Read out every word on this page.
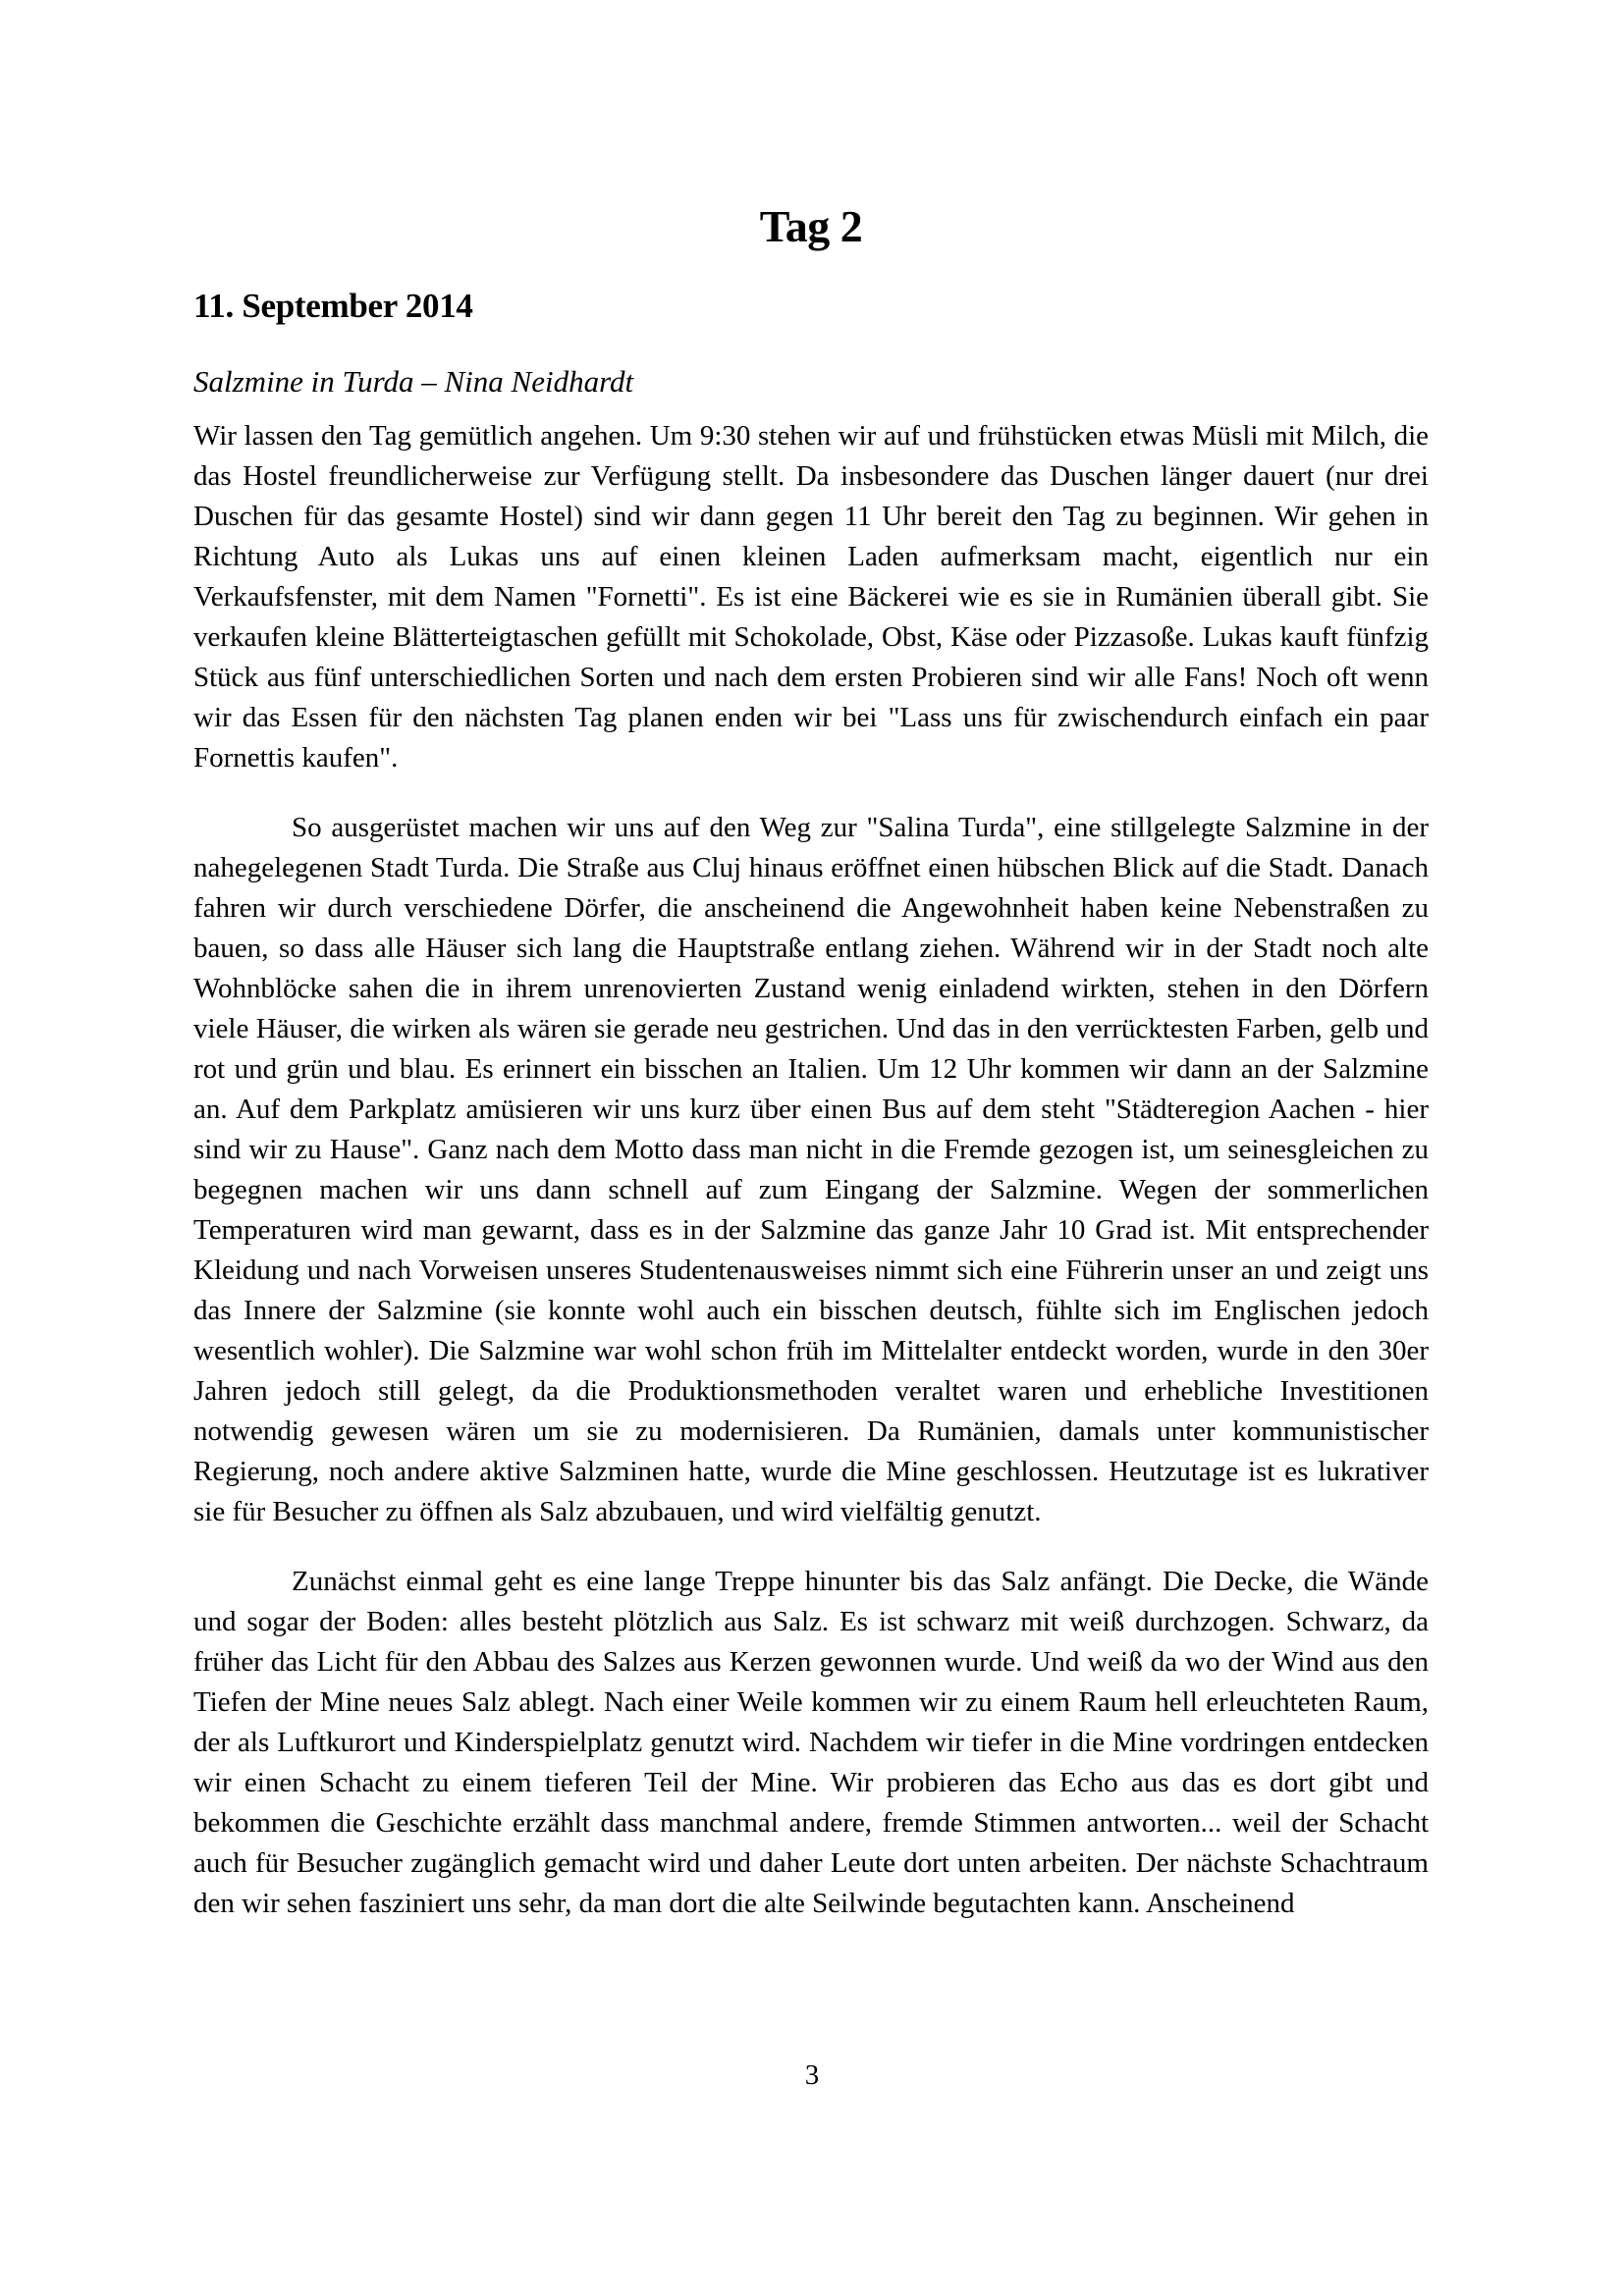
Tag 2
11. September 2014
Salzmine in Turda – Nina Neidhardt

Wir lassen den Tag gemütlich angehen. Um 9:30 stehen wir auf und frühstücken etwas Müsli mit Milch, die das Hostel freundlicherweise zur Verfügung stellt. Da insbesondere das Duschen länger dauert (nur drei Duschen für das gesamte Hostel) sind wir dann gegen 11 Uhr bereit den Tag zu beginnen. Wir gehen in Richtung Auto als Lukas uns auf einen kleinen Laden aufmerksam macht, eigentlich nur ein Verkaufsfenster, mit dem Namen "Fornetti". Es ist eine Bäckerei wie es sie in Rumänien überall gibt. Sie verkaufen kleine Blätterteigtaschen gefüllt mit Schokolade, Obst, Käse oder Pizzasoße. Lukas kauft fünfzig Stück aus fünf unterschiedlichen Sorten und nach dem ersten Probieren sind wir alle Fans! Noch oft wenn wir das Essen für den nächsten Tag planen enden wir bei "Lass uns für zwischendurch einfach ein paar Fornettis kaufen".

So ausgerüstet machen wir uns auf den Weg zur "Salina Turda", eine stillgelegte Salzmine in der nahegelegenen Stadt Turda. Die Straße aus Cluj hinaus eröffnet einen hübschen Blick auf die Stadt. Danach fahren wir durch verschiedene Dörfer, die anscheinend die Angewohnheit haben keine Nebenstraßen zu bauen, so dass alle Häuser sich lang die Hauptstraße entlang ziehen. Während wir in der Stadt noch alte Wohnblöcke sahen die in ihrem unrenovierten Zustand wenig einladend wirkten, stehen in den Dörfern viele Häuser, die wirken als wären sie gerade neu gestrichen. Und das in den verrücktesten Farben, gelb und rot und grün und blau. Es erinnert ein bisschen an Italien. Um 12 Uhr kommen wir dann an der Salzmine an. Auf dem Parkplatz amüsieren wir uns kurz über einen Bus auf dem steht "Städteregion Aachen - hier sind wir zu Hause". Ganz nach dem Motto dass man nicht in die Fremde gezogen ist, um seinesgleichen zu begegnen machen wir uns dann schnell auf zum Eingang der Salzmine. Wegen der sommerlichen Temperaturen wird man gewarnt, dass es in der Salzmine das ganze Jahr 10 Grad ist. Mit entsprechender Kleidung und nach Vorweisen unseres Studentenausweises nimmt sich eine Führerin unser an und zeigt uns das Innere der Salzmine (sie konnte wohl auch ein bisschen deutsch, fühlte sich im Englischen jedoch wesentlich wohler). Die Salzmine war wohl schon früh im Mittelalter entdeckt worden, wurde in den 30er Jahren jedoch still gelegt, da die Produktionsmethoden veraltet waren und erhebliche Investitionen notwendig gewesen wären um sie zu modernisieren. Da Rumänien, damals unter kommunistischer Regierung, noch andere aktive Salzminen hatte, wurde die Mine geschlossen. Heutzutage ist es lukrativer sie für Besucher zu öffnen als Salz abzubauen, und wird vielfältig genutzt.

Zunächst einmal geht es eine lange Treppe hinunter bis das Salz anfängt. Die Decke, die Wände und sogar der Boden: alles besteht plötzlich aus Salz. Es ist schwarz mit weiß durchzogen. Schwarz, da früher das Licht für den Abbau des Salzes aus Kerzen gewonnen wurde. Und weiß da wo der Wind aus den Tiefen der Mine neues Salz ablegt. Nach einer Weile kommen wir zu einem Raum hell erleuchteten Raum, der als Luftkurort und Kinderspielplatz genutzt wird. Nachdem wir tiefer in die Mine vordringen entdecken wir einen Schacht zu einem tieferen Teil der Mine. Wir probieren das Echo aus das es dort gibt und bekommen die Geschichte erzählt dass manchmal andere, fremde Stimmen antworten... weil der Schacht auch für Besucher zugänglich gemacht wird und daher Leute dort unten arbeiten. Der nächste Schachtraum den wir sehen fasziniert uns sehr, da man dort die alte Seilwinde begutachten kann. Anscheinend

3
